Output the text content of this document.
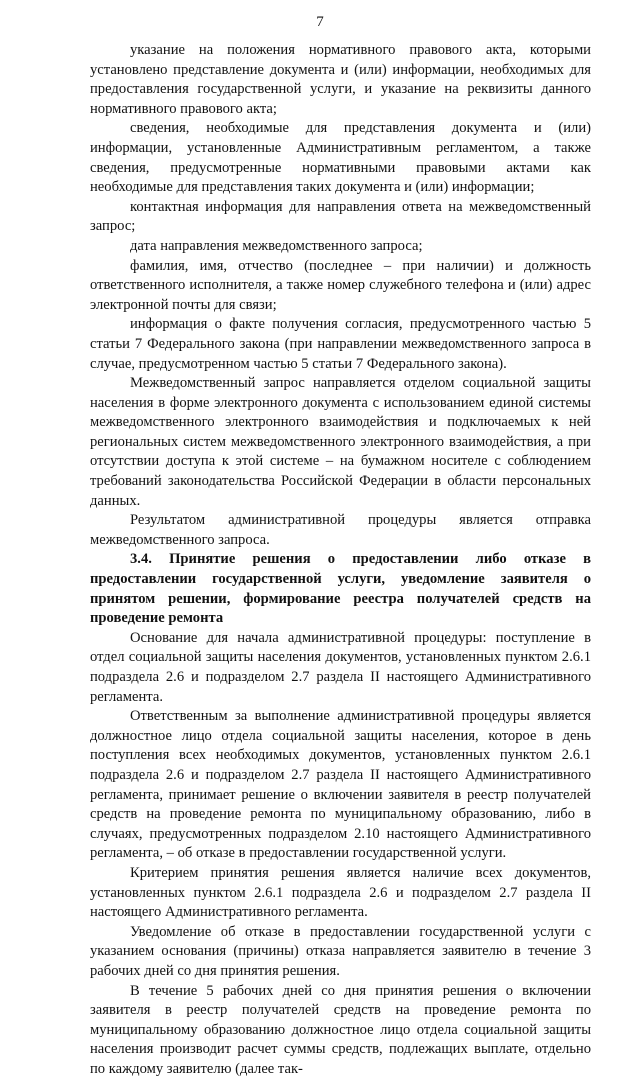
7

указание на положения нормативного правового акта, которыми установлено представление документа и (или) информации, необходимых для предоставления государственной услуги, и указание на реквизиты данного нормативного правового акта;

сведения, необходимые для представления документа и (или) информации, установленные Административным регламентом, а также сведения, предусмотренные нормативными правовыми актами как необходимые для представления таких документа и (или) информации;

контактная информация для направления ответа на межведомственный запрос;

дата направления межведомственного запроса;

фамилия, имя, отчество (последнее – при наличии) и должность ответственного исполнителя, а также номер служебного телефона и (или) адрес электронной почты для связи;

информация о факте получения согласия, предусмотренного частью 5 статьи 7 Федерального закона (при направлении межведомственного запроса в случае, предусмотренном частью 5 статьи 7 Федерального закона).

Межведомственный запрос направляется отделом социальной защиты населения в форме электронного документа с использованием единой системы межведомственного электронного взаимодействия и подключаемых к ней региональных систем межведомственного электронного взаимодействия, а при отсутствии доступа к этой системе – на бумажном носителе с соблюдением требований законодательства Российской Федерации в области персональных данных.

Результатом административной процедуры является отправка межведомственного запроса.

3.4. Принятие решения о предоставлении либо отказе в предоставлении государственной услуги, уведомление заявителя о принятом решении, формирование реестра получателей средств на проведение ремонта

Основание для начала административной процедуры: поступление в отдел социальной защиты населения документов, установленных пунктом 2.6.1 подраздела 2.6 и подразделом 2.7 раздела II настоящего Административного регламента.

Ответственным за выполнение административной процедуры является должностное лицо отдела социальной защиты населения, которое в день поступления всех необходимых документов, установленных пунктом 2.6.1 подраздела 2.6 и подразделом 2.7 раздела II настоящего Административного регламента, принимает решение о включении заявителя в реестр получателей средств на проведение ремонта по муниципальному образованию, либо в случаях, предусмотренных подразделом 2.10 настоящего Административного регламента, – об отказе в предоставлении государственной услуги.

Критерием принятия решения является наличие всех документов, установленных пунктом 2.6.1 подраздела 2.6 и подразделом 2.7 раздела II настоящего Административного регламента.

Уведомление об отказе в предоставлении государственной услуги с указанием основания (причины) отказа направляется заявителю в течение 3 рабочих дней со дня принятия решения.

В течение 5 рабочих дней со дня принятия решения о включении заявителя в реестр получателей средств на проведение ремонта по муниципальному образованию должностное лицо отдела социальной защиты населения производит расчет суммы средств, подлежащих выплате, отдельно по каждому заявителю (далее так-
